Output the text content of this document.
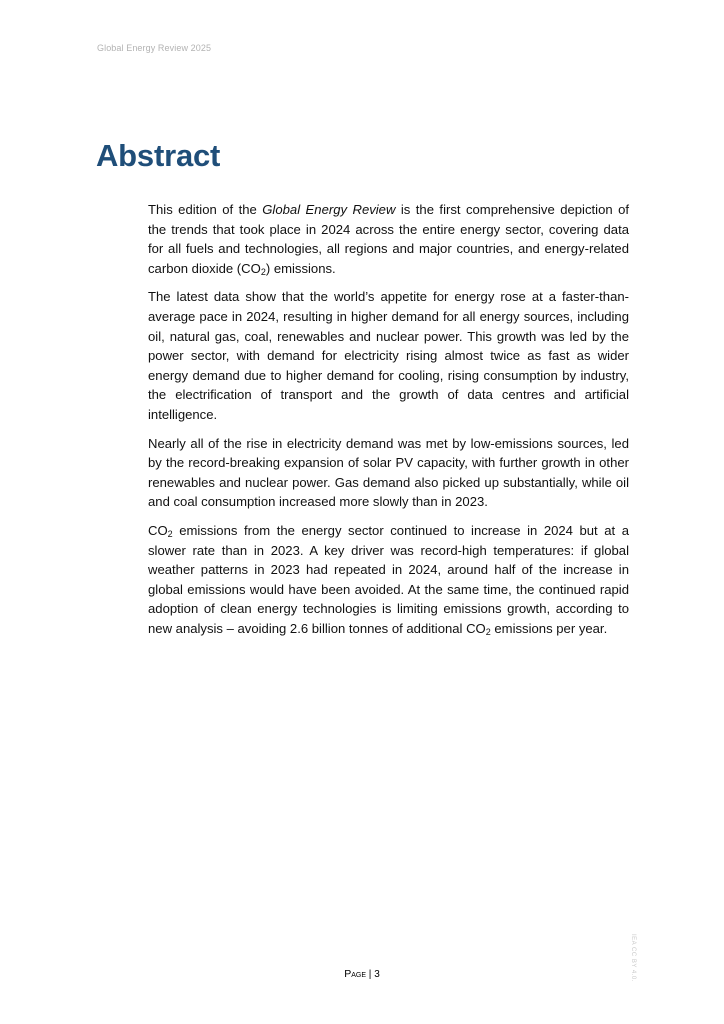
Global Energy Review 2025
Abstract

This edition of the Global Energy Review is the first comprehensive depiction of the trends that took place in 2024 across the entire energy sector, covering data for all fuels and technologies, all regions and major countries, and energy-related carbon dioxide $(CO_2)$ emissions.

The latest data show that the world’s appetite for energy rose at a faster-than-average pace in 2024, resulting in higher demand for all energy sources, including oil, natural gas, coal, renewables and nuclear power. This growth was led by the power sector, with demand for electricity rising almost twice as fast as wider energy demand due to higher demand for cooling, rising consumption by industry, the electrification of transport and the growth of data centres and artificial intelligence.

Nearly all of the rise in electricity demand was met by low-emissions sources, led by the record-breaking expansion of solar PV capacity, with further growth in other renewables and nuclear power. Gas demand also picked up substantially, while oil and coal consumption increased more slowly than in 2023.

$CO_2$ emissions from the energy sector continued to increase in 2024 but at a slower rate than in 2023. A key driver was record-high temperatures: if global weather patterns in 2023 had repeated in 2024, around half of the increase in global emissions would have been avoided. At the same time, the continued rapid adoption of clean energy technologies is limiting emissions growth, according to new analysis – avoiding 2.6 billion tonnes of additional $CO_2$ emissions per year.

IEA CC BY 4.0.
Page | 3
